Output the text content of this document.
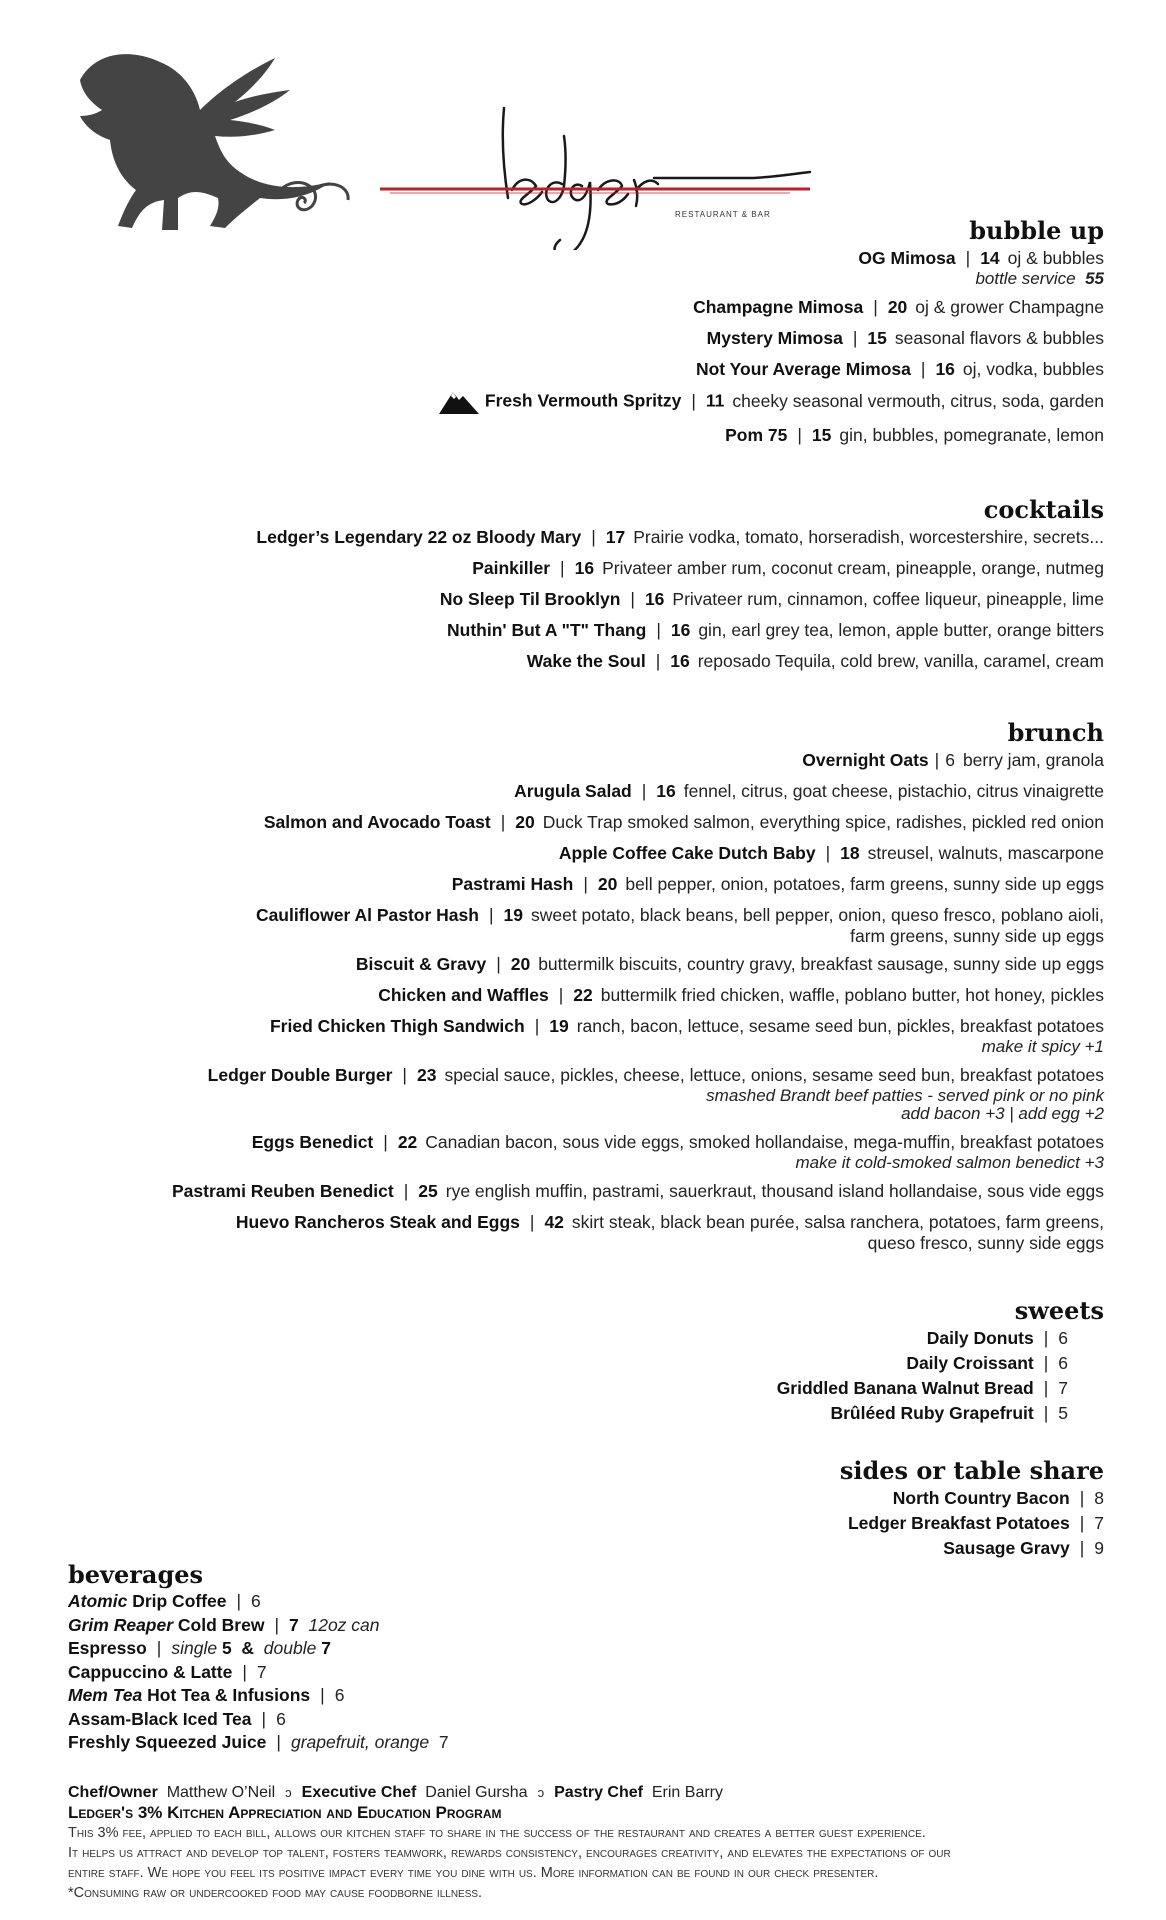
RESTAURANT & BAR
bubble up
OG Mimosa | 14 oj & bubbles
bottle service 55
Champagne Mimosa | 20 oj & grower Champagne
Mystery Mimosa | 15 seasonal flavors & bubbles
Not Your Average Mimosa | 16 oj, vodka, bubbles
Fresh Vermouth Spritzy | 11 cheeky seasonal vermouth, citrus, soda, garden
Pom 75 | 15 gin, bubbles, pomegranate, lemon
cocktails
Ledger’s Legendary 22 oz Bloody Mary | 17 Prairie vodka, tomato, horseradish, worcestershire, secrets...
Painkiller | 16 Privateer amber rum, coconut cream, pineapple, orange, nutmeg
No Sleep Til Brooklyn | 16 Privateer rum, cinnamon, coffee liqueur, pineapple, lime
Nuthin' But A "T" Thang | 16 gin, earl grey tea, lemon, apple butter, orange bitters
Wake the Soul | 16 reposado Tequila, cold brew, vanilla, caramel, cream
brunch
Overnight Oats | 6 berry jam, granola
Arugula Salad | 16 fennel, citrus, goat cheese, pistachio, citrus vinaigrette
Salmon and Avocado Toast | 20 Duck Trap smoked salmon, everything spice, radishes, pickled red onion
Apple Coffee Cake Dutch Baby | 18 streusel, walnuts, mascarpone
Pastrami Hash | 20 bell pepper, onion, potatoes, farm greens, sunny side up eggs
Cauliflower Al Pastor Hash | 19 sweet potato, black beans, bell pepper, onion, queso fresco, poblano aioli,
farm greens, sunny side up eggs
Biscuit & Gravy | 20 buttermilk biscuits, country gravy, breakfast sausage, sunny side up eggs
Chicken and Waffles | 22 buttermilk fried chicken, waffle, poblano butter, hot honey, pickles
Fried Chicken Thigh Sandwich | 19 ranch, bacon, lettuce, sesame seed bun, pickles, breakfast potatoes
make it spicy +1
Ledger Double Burger | 23 special sauce, pickles, cheese, lettuce, onions, sesame seed bun, breakfast potatoes
smashed Brandt beef patties - served pink or no pink
add bacon +3 | add egg +2
Eggs Benedict | 22 Canadian bacon, sous vide eggs, smoked hollandaise, mega-muffin, breakfast potatoes
make it cold-smoked salmon benedict +3
Pastrami Reuben Benedict | 25 rye english muffin, pastrami, sauerkraut, thousand island hollandaise, sous vide eggs
Huevo Rancheros Steak and Eggs | 42 skirt steak, black bean purée, salsa ranchera, potatoes, farm greens,
queso fresco, sunny side eggs
sweets
Daily Donuts | 6
Daily Croissant | 6
Griddled Banana Walnut Bread | 7
Brûléed Ruby Grapefruit | 5
sides or table share
North Country Bacon | 8
Ledger Breakfast Potatoes | 7
Sausage Gravy | 9
beverages
Atomic Drip Coffee | 6
Grim Reaper Cold Brew | 7 12oz can
Espresso | single 5 & double 7
Cappuccino & Latte | 7
Mem Tea Hot Tea & Infusions | 6
Assam-Black Iced Tea | 6
Freshly Squeezed Juice | grapefruit, orange 7
Chef/Owner Matthew O’Neil ↄ Executive Chef Daniel Gursha ↄ Pastry Chef Erin Barry
Ledger's 3% Kitchen Appreciation and Education Program
This 3% fee, applied to each bill, allows our kitchen staff to share in the success of the restaurant and creates a better guest experience.
It helps us attract and develop top talent, fosters teamwork, rewards consistency, encourages creativity, and elevates the expectations of our
entire staff. We hope you feel its positive impact every time you dine with us. More information can be found in our check presenter.
*Consuming raw or undercooked food may cause foodborne illness.
